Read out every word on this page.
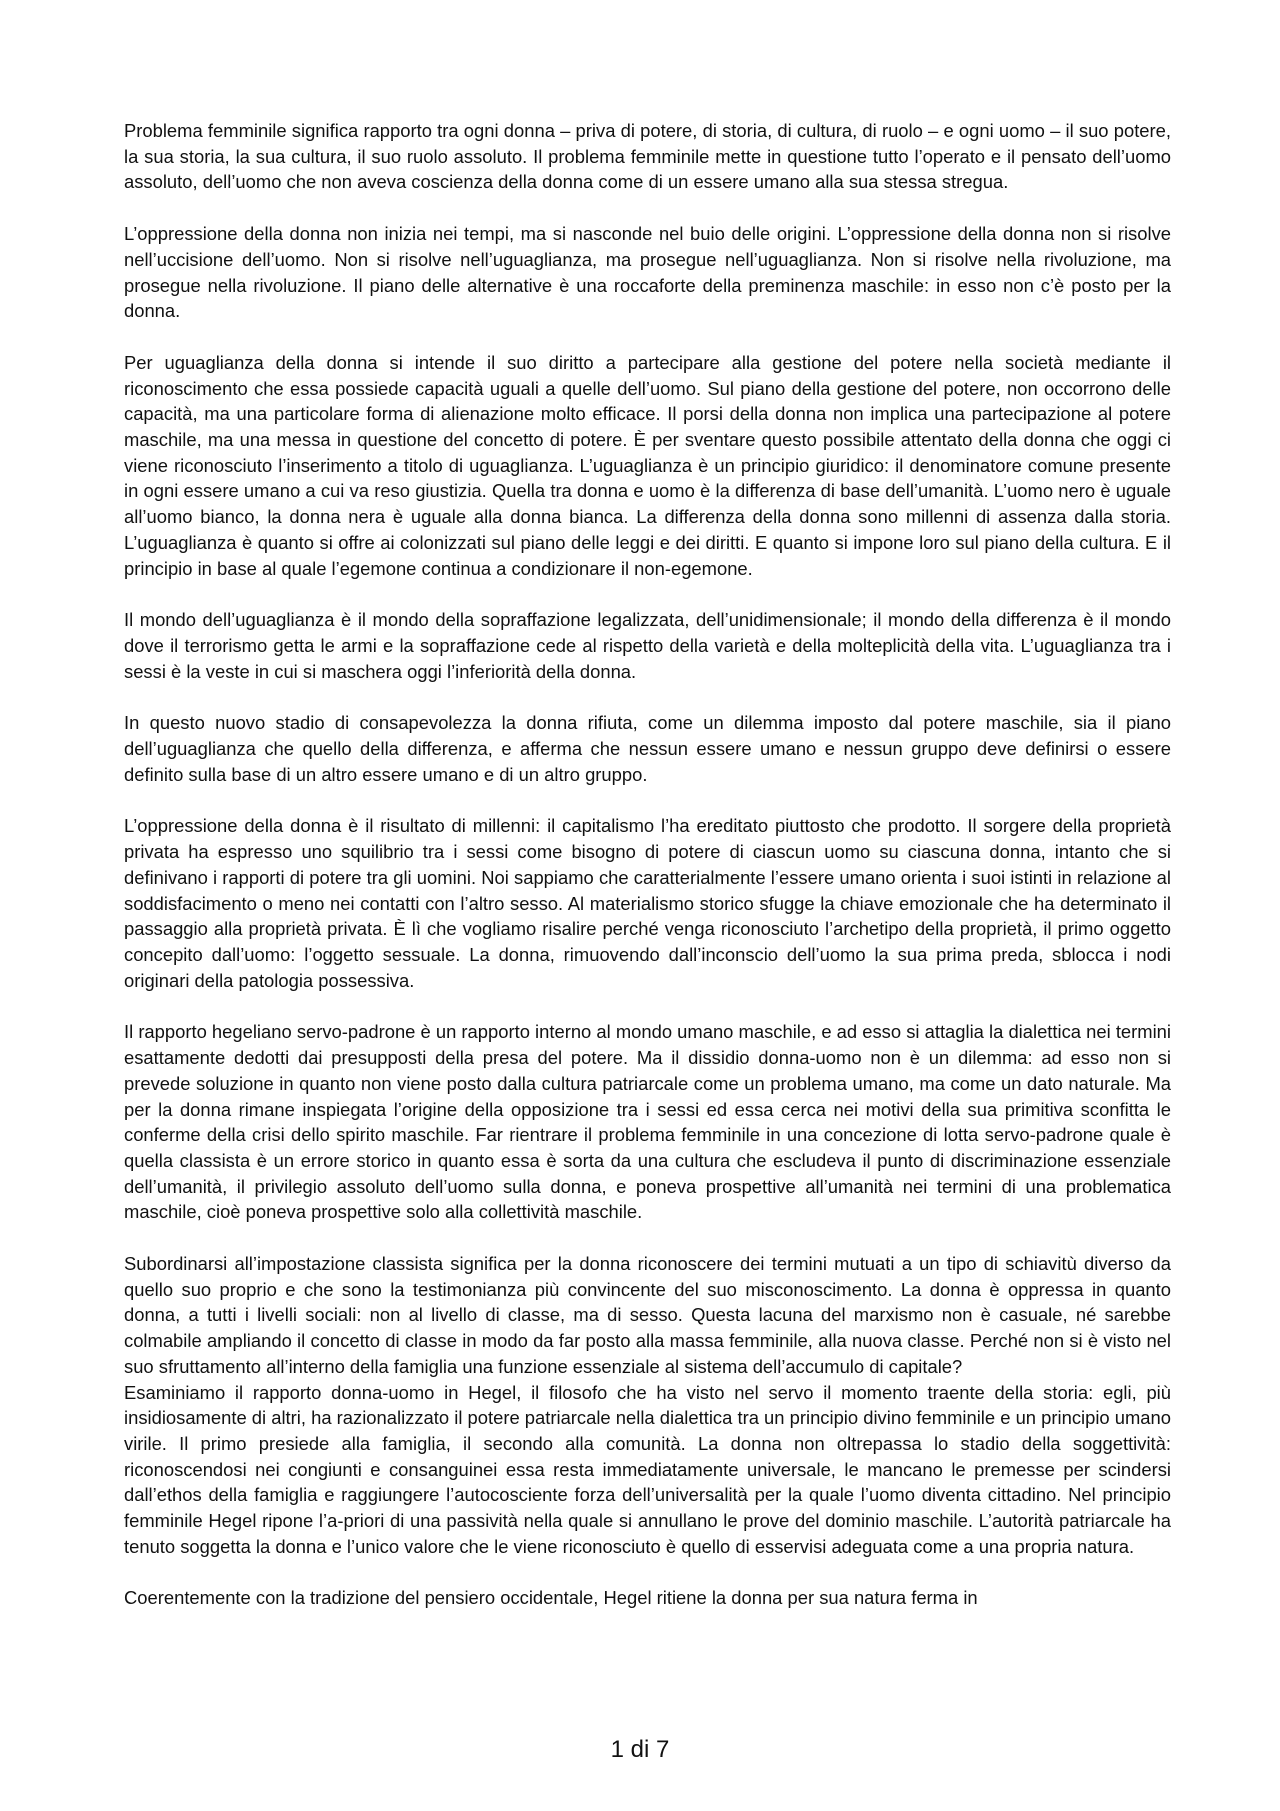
Problema femminile significa rapporto tra ogni donna – priva di potere, di storia, di cultura, di ruolo – e ogni uomo – il suo potere, la sua storia, la sua cultura, il suo ruolo assoluto. Il problema femminile mette in questione tutto l’operato e il pensato dell’uomo assoluto, dell’uomo che non aveva coscienza della donna come di un essere umano alla sua stessa stregua.

L’oppressione della donna non inizia nei tempi, ma si nasconde nel buio delle origini. L’oppressione della donna non si risolve nell’uccisione dell’uomo. Non si risolve nell’uguaglianza, ma prosegue nell’uguaglianza. Non si risolve nella rivoluzione, ma prosegue nella rivoluzione. Il piano delle alternative è una roccaforte della preminenza maschile: in esso non c’è posto per la donna.

Per uguaglianza della donna si intende il suo diritto a partecipare alla gestione del potere nella società mediante il riconoscimento che essa possiede capacità uguali a quelle dell’uomo. Sul piano della gestione del potere, non occorrono delle capacità, ma una particolare forma di alienazione molto efficace. Il porsi della donna non implica una partecipazione al potere maschile, ma una messa in questione del concetto di potere. È per sventare questo possibile attentato della donna che oggi ci viene riconosciuto l’inserimento a titolo di uguaglianza. L’uguaglianza è un principio giuridico: il denominatore comune presente in ogni essere umano a cui va reso giustizia. Quella tra donna e uomo è la differenza di base dell’umanità. L’uomo nero è uguale all’uomo bianco, la donna nera è uguale alla donna bianca. La differenza della donna sono millenni di assenza dalla storia. L’uguaglianza è quanto si offre ai colonizzati sul piano delle leggi e dei diritti. E quanto si impone loro sul piano della cultura. E il principio in base al quale l’egemone continua a condizionare il non-egemone.

Il mondo dell’uguaglianza è il mondo della sopraffazione legalizzata, dell’unidimensionale; il mondo della differenza è il mondo dove il terrorismo getta le armi e la sopraffazione cede al rispetto della varietà e della molteplicità della vita. L’uguaglianza tra i sessi è la veste in cui si maschera oggi l’inferiorità della donna.

In questo nuovo stadio di consapevolezza la donna rifiuta, come un dilemma imposto dal potere maschile, sia il piano dell’uguaglianza che quello della differenza, e afferma che nessun essere umano e nessun gruppo deve definirsi o essere definito sulla base di un altro essere umano e di un altro gruppo.

L’oppressione della donna è il risultato di millenni: il capitalismo l’ha ereditato piuttosto che prodotto. Il sorgere della proprietà privata ha espresso uno squilibrio tra i sessi come bisogno di potere di ciascun uomo su ciascuna donna, intanto che si definivano i rapporti di potere tra gli uomini. Noi sappiamo che caratterialmente l’essere umano orienta i suoi istinti in relazione al soddisfacimento o meno nei contatti con l’altro sesso. Al materialismo storico sfugge la chiave emozionale che ha determinato il passaggio alla proprietà privata. È lì che vogliamo risalire perché venga riconosciuto l’archetipo della proprietà, il primo oggetto concepito dall’uomo: l’oggetto sessuale. La donna, rimuovendo dall’inconscio dell’uomo la sua prima preda, sblocca i nodi originari della patologia possessiva.

Il rapporto hegeliano servo-padrone è un rapporto interno al mondo umano maschile, e ad esso si attaglia la dialettica nei termini esattamente dedotti dai presupposti della presa del potere. Ma il dissidio donna-uomo non è un dilemma: ad esso non si prevede soluzione in quanto non viene posto dalla cultura patriarcale come un problema umano, ma come un dato naturale. Ma per la donna rimane inspiegata l’origine della opposizione tra i sessi ed essa cerca nei motivi della sua primitiva sconfitta le conferme della crisi dello spirito maschile. Far rientrare il problema femminile in una concezione di lotta servo-padrone quale è quella classista è un errore storico in quanto essa è sorta da una cultura che escludeva il punto di discriminazione essenziale dell’umanità, il privilegio assoluto dell’uomo sulla donna, e poneva prospettive all’umanità nei termini di una problematica maschile, cioè poneva prospettive solo alla collettività maschile.

Subordinarsi all’impostazione classista significa per la donna riconoscere dei termini mutuati a un tipo di schiavitù diverso da quello suo proprio e che sono la testimonianza più convincente del suo misconoscimento. La donna è oppressa in quanto donna, a tutti i livelli sociali: non al livello di classe, ma di sesso. Questa lacuna del marxismo non è casuale, né sarebbe colmabile ampliando il concetto di classe in modo da far posto alla massa femminile, alla nuova classe. Perché non si è visto nel suo sfruttamento all’interno della famiglia una funzione essenziale al sistema dell’accumulo di capitale?

Esaminiamo il rapporto donna-uomo in Hegel, il filosofo che ha visto nel servo il momento traente della storia: egli, più insidiosamente di altri, ha razionalizzato il potere patriarcale nella dialettica tra un principio divino femminile e un principio umano virile. Il primo presiede alla famiglia, il secondo alla comunità. La donna non oltrepassa lo stadio della soggettività: riconoscendosi nei congiunti e consanguinei essa resta immediatamente universale, le mancano le premesse per scindersi dall’ethos della famiglia e raggiungere l’autocosciente forza dell’universalità per la quale l’uomo diventa cittadino. Nel principio femminile Hegel ripone l’a-priori di una passività nella quale si annullano le prove del dominio maschile. L’autorità patriarcale ha tenuto soggetta la donna e l’unico valore che le viene riconosciuto è quello di esservisi adeguata come a una propria natura.

Coerentemente con la tradizione del pensiero occidentale, Hegel ritiene la donna per sua natura ferma in

1 di 7
